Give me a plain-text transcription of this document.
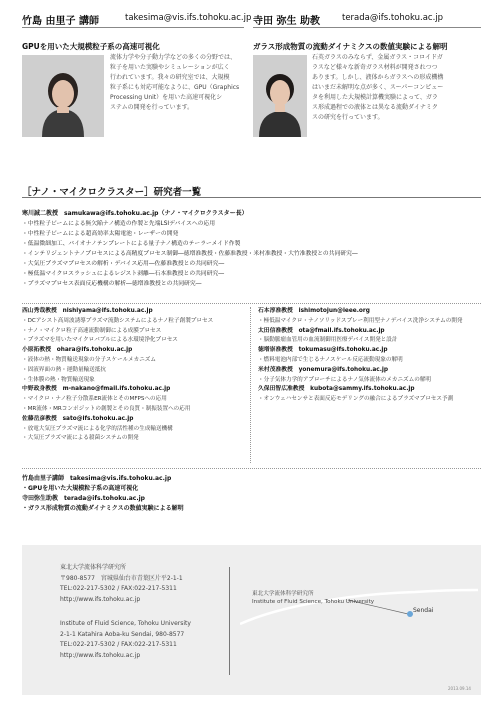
竹島 由里子 講師	takesima@vis.ifs.tohoku.ac.jp
GPUを用いた大規模粒子系の高速可視化
流体力学や分子動力学などの多くの分野では、
粒子を用いた実験やシミュレーションが広く
行われています。我々の研究室では、大規模
粒子系にも対応可能なように、GPU（Graphics
Processing Unit）を用いた高速可視化シ
ステムの開発を行っています。
寺田 弥生 助教	terada@ifs.tohoku.ac.jp
ガラス形成物質の流動ダイナミクスの数値実験による解明
石英ガラスのみならず、金属ガラス・コロイドガ
ラスなど様々な新奇ガラス材料が開発されつつ
あります。しかし、液体からガラスへの形成機構
はいまだ未解明な点が多く、スーパーコンピュー
タを利用した大規模計算機実験によって、ガラ
ス形成過程での液体とは異なる流動ダイナミク
スの研究を行っています。
［ナノ・マイクロクラスター］研究者一覧
寒川誠二教授　samukawa@ifs.tohoku.ac.jp（ナノ・マイクロクラスター長）
・中性粒子ビームによる無欠陥ナノ構造の作製と先端LSIデバイスへの応用
・中性粒子ビームによる超高効率太陽電池・レーザーの開発
・低温微細加工、バイオナノテンプレートによる量子ナノ構造のテーラーメイド作製
・インテリジェントナノプロセスによる高精度プロセス制御―徳増准教授・佐藤准教授・米村准教授・大竹准教授との共同研究―
・大気圧プラズマプロセスの解析・デバイス応用―佐藤准教授との共同研究―
・極低温マイクロスラッシュによるレジスト剥離―石本准教授との共同研究―
・プラズマプロセス表面反応機構の解析―徳増准教授との共同研究―
西山秀哉教授　nishiyama@ifs.tohoku.ac.jp
・DCアシスト高周波誘導プラズマ流動システムによるナノ粒子創製プロセス
・ナノ・マイクロ粒子高速流動制御による成膜プロセス
・プラズマを用いたマイクロバブルによる水環境浄化プロセス
小原拓教授　ohara@ifs.tohoku.ac.jp
・液体の熱・物質輸送現象の分子スケールメカニズム
・固液界面の熱・運動量輸送抵抗
・生体膜の熱・物質輸送現象
中野政身教授　m-nakano@fmail.ifs.tohoku.ac.jp
・マイクロ・ナノ粒子分散系ER流体とそのMFPSへの応用
・MR流体・MRコンポジットの創製とその良質・制振装置への応用
佐藤岳彦教授　sato@ifs.tohoku.ac.jp
・放電大気圧プラズマ流による化学的活性種の生成輸送機構
・大気圧プラズマ流による殺菌システムの開発
石本淳准教授　ishimotojun@ieee.org
・極低温マイクロ・ナノソリッドスプレー利用型ナノデバイス洗浄システムの開発
太田信准教授　ota@fmail.ifs.tohoku.ac.jp
・脳動脈瘤血管用の血流制御用医療デバイス開発と設計
徳増崇准教授　tokumasu@ifs.tohoku.ac.jp
・燃料電池内部で生じるナノスケール反応流動現象の解明
米村茂准教授　yonemura@ifs.tohoku.ac.jp
・分子気体力学的アプローチによるナノ気体流体のメカニズムの解明
久保田智広准教授　kubota@sammy.ifs.tohoku.ac.jp
・オンウェハセンサと表面反応モデリングの融合によるプラズマプロセス予測
竹島由里子講師　takesima@vis.ifs.tohoku.ac.jp
・GPUを用いた大規模粒子系の高速可視化
寺田弥生助教　terada@ifs.tohoku.ac.jp
・ガラス形成物質の流動ダイナミクスの数値実験による解明
東北大学流体科学研究所
〒980-8577　宮城県仙台市青葉区片平2-1-1
TEL:022-217-5302 / FAX:022-217-5311
http://www.ifs.tohoku.ac.jp
Institute of Fluid Science, Tohoku University
2-1-1 Katahira Aoba-ku Sendai, 980-8577
TEL:022-217-5302 / FAX:022-217-5311
http://www.ifs.tohoku.ac.jp
東北大学流体科学研究所
Institute of Fluid Science, Tohoku University
Sendai
2013.09.14
